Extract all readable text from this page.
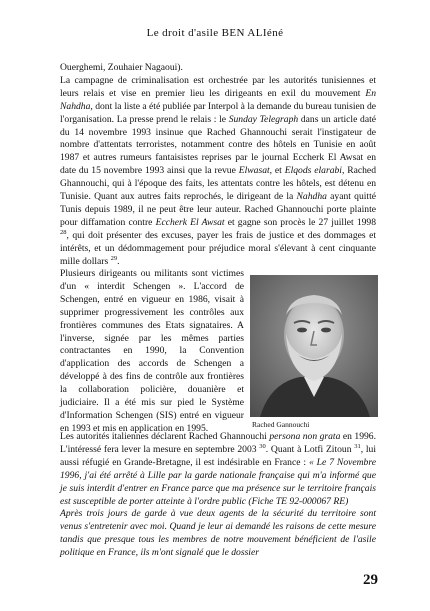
Le droit d'asile BEN ALIéné

Ouerghemi, Zouhaier Nagaoui).

La campagne de criminalisation est orchestrée par les autorités tunisiennes et leurs relais et vise en premier lieu les dirigeants en exil du mouvement En Nahdha, dont la liste a été publiée par Interpol à la demande du bureau tunisien de l'organisation. La presse prend le relais : le Sunday Telegraph dans un article daté du 14 novembre 1993 insinue que Rached Ghannouchi serait l'instigateur de nombre d'attentats terroristes, notamment contre des hôtels en Tunisie en août 1987 et autres rumeurs fantaisistes reprises par le journal Eccherk El Awsat en date du 15 novembre 1993 ainsi que la revue Elwasat, et Elqods elarabi, Rached Ghannouchi, qui à l'époque des faits, les attentats contre les hôtels, est détenu en Tunisie. Quant aux autres faits reprochés, le dirigeant de la Nahdha ayant quitté Tunis depuis 1989, il ne peut être leur auteur. Rached Ghannouchi porte plainte pour diffamation contre Eccherk El Awsat et gagne son procès le 27 juillet 1998 $^{28}$, qui doit présenter des excuses, payer les frais de justice et des dommages et intérêts, et un dédommagement pour préjudice moral s'élevant à cent cinquante mille dollars $^{29}$.

Plusieurs dirigeants ou militants sont victimes d'un « interdit Schengen ». L'accord de Schengen, entré en vigueur en 1986, visait à supprimer progressivement les contrôles aux frontières communes des Etats signataires. A l'inverse, signée par les mêmes parties contractantes en 1990, la Convention d'application des accords de Schengen a développé à des fins de contrôle aux frontières la collaboration policière, douanière et judiciaire. Il a été mis sur pied le Système d'Information Schengen (SIS) entré en vigueur en 1993 et mis en application en 1995.	Rached Gannouchi

Les autorités italiennes déclarent Rached Ghannouchi persona non grata en 1996. L'intéressé fera lever la mesure en septembre 2003 $^{30}$. Quant à Lotfi Zitoun $^{31}$, lui aussi réfugié en Grande-Bretagne, il est indésirable en France : « Le 7 Novembre 1996, j'ai été arrêté à Lille par la garde nationale française qui m'a informé que je suis interdit d'entrer en France parce que ma présence sur le territoire français est susceptible de porter atteinte à l'ordre public (Fiche TE 92-000067 RE)

Après trois jours de garde à vue deux agents de la sécurité du territoire sont venus s'entretenir avec moi. Quand je leur ai demandé les raisons de cette mesure tandis que presque tous les membres de notre mouvement bénéficient de l'asile politique en France, ils m'ont signalé que le dossier

29
